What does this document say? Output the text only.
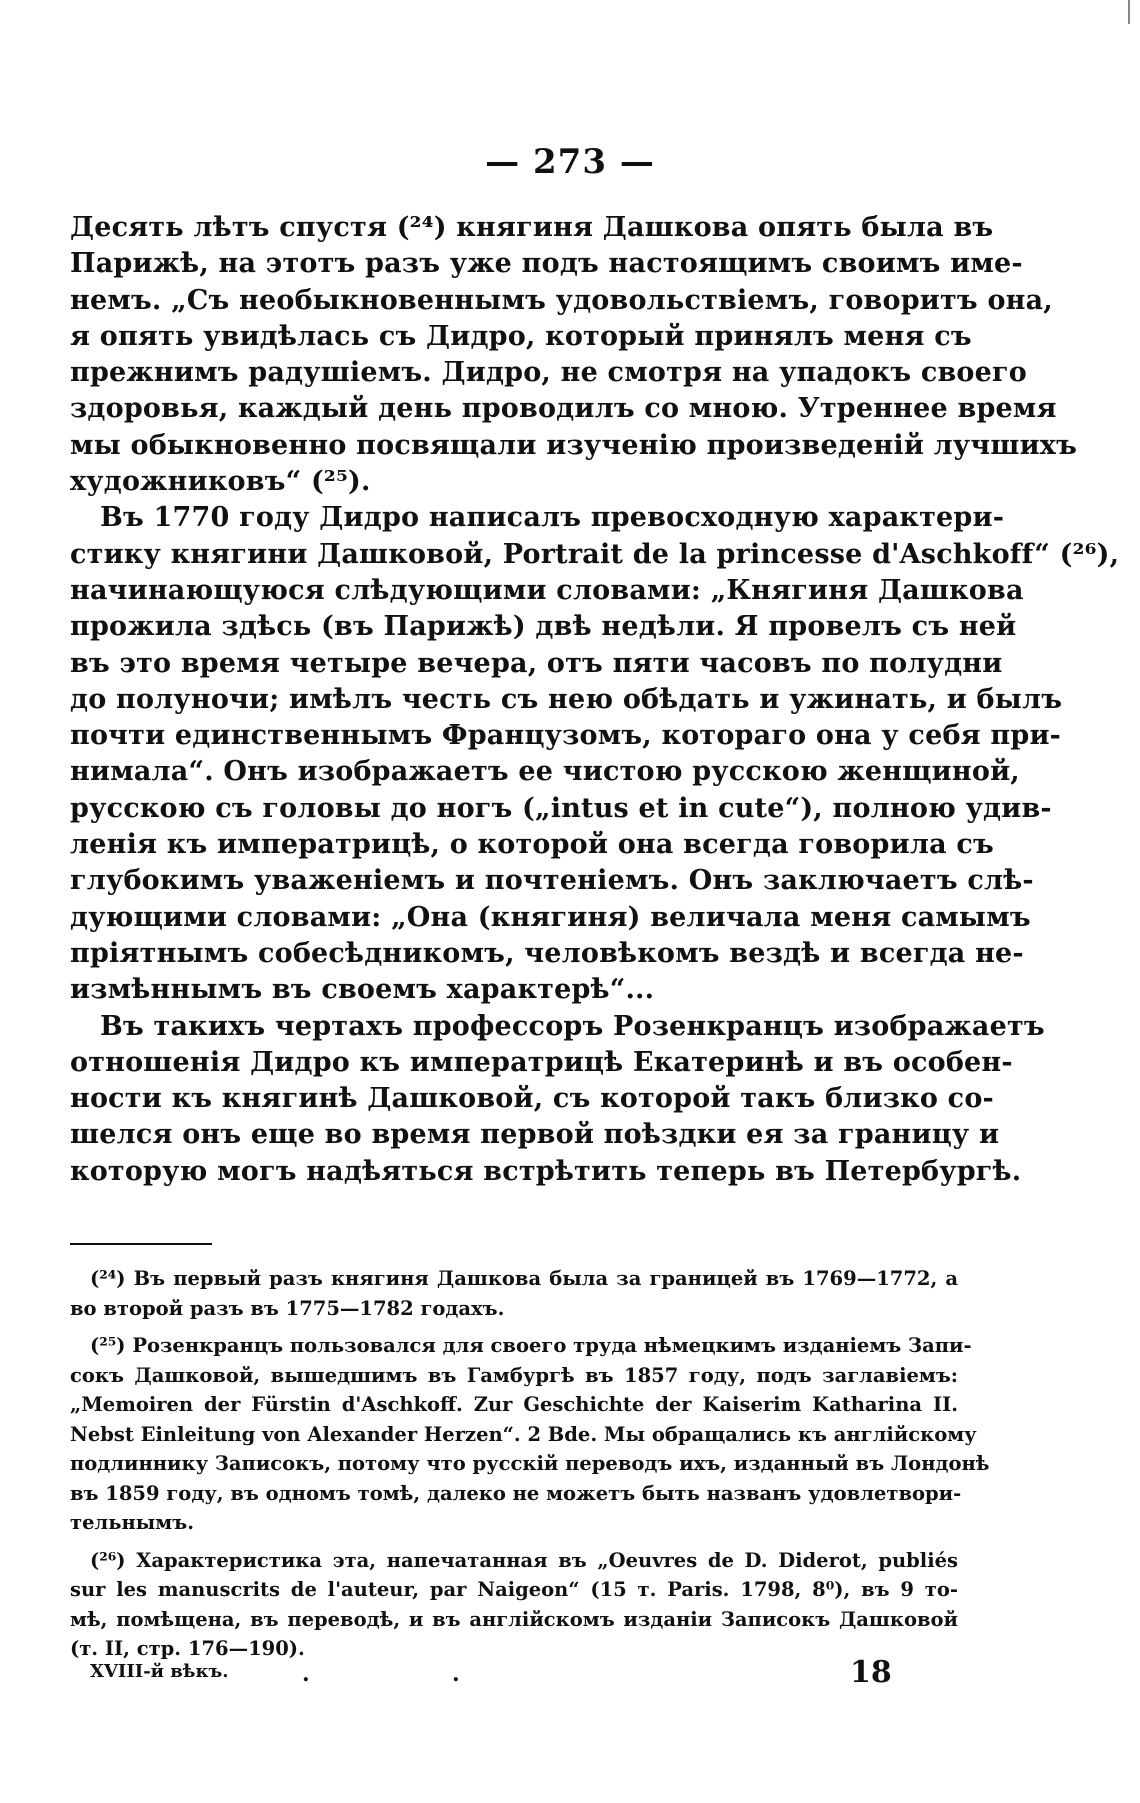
— 273 —
Десять лѣтъ спустя (²⁴) княгиня Дашкова опять была въ
Парижѣ, на этотъ разъ уже подъ настоящимъ своимъ име-
немъ. „Съ необыкновеннымъ удовольствіемъ, говоритъ она,
я опять увидѣлась съ Дидро, который принялъ меня съ
прежнимъ радушіемъ. Дидро, не смотря на упадокъ своего
здоровья, каждый день проводилъ со мною. Утреннее время
мы обыкновенно посвящали изученію произведеній лучшихъ
художниковъ“ (²⁵).
Въ 1770 году Дидро написалъ превосходную характери-
стику княгини Дашковой, Portrait de la princesse d'Aschkoff“ (²⁶),
начинающуюся слѣдующими словами: „Княгиня Дашкова
прожила здѣсь (въ Парижѣ) двѣ недѣли. Я провелъ съ ней
въ это время четыре вечера, отъ пяти часовъ по полудни
до полуночи; имѣлъ честь съ нею обѣдать и ужинать, и былъ
почти единственнымъ Французомъ, котораго она у себя при-
нимала“. Онъ изображаетъ ее чистою русскою женщиной,
русскою съ головы до ногъ („intus et in cute“), полною удив-
ленія къ императрицѣ, о которой она всегда говорила съ
глубокимъ уваженіемъ и почтеніемъ. Онъ заключаетъ слѣ-
дующими словами: „Она (княгиня) величала меня самымъ
пріятнымъ собесѣдникомъ, человѣкомъ вездѣ и всегда не-
измѣннымъ въ своемъ характерѣ“...
Въ такихъ чертахъ профессоръ Розенкранцъ изображаетъ
отношенія Дидро къ императрицѣ Екатеринѣ и въ особен-
ности къ княгинѣ Дашковой, съ которой такъ близко со-
шелся онъ еще во время первой поѣздки ея за границу и
которую могъ надѣяться встрѣтить теперь въ Петербургѣ.
(²⁴) Въ первый разъ княгиня Дашкова была за границей въ 1769—1772, а
во второй разъ въ 1775—1782 годахъ.
(²⁵) Розенкранцъ пользовался для своего труда нѣмецкимъ изданіемъ Запи-
сокъ Дашковой, вышедшимъ въ Гамбургѣ въ 1857 году, подъ заглавіемъ:
„Memoiren der Fürstin d'Aschkoff. Zur Geschichte der Kaiserim Katharina II.
Nebst Einleitung von Alexander Herzen“. 2 Bde. Мы обращались къ англійскому
подлиннику Записокъ, потому что русскій переводъ ихъ, изданный въ Лондонѣ
въ 1859 году, въ одномъ томѣ, далеко не можетъ быть названъ удовлетвори-
тельнымъ.
(²⁶) Характеристика эта, напечатанная въ „Oeuvres de D. Diderot, publiés
sur les manuscrits de l'auteur, par Naigeon“ (15 т. Paris. 1798, 8⁰), въ 9 то-
мѣ, помѣщена, въ переводѣ, и въ англійскомъ изданіи Записокъ Дашковой
(т. II, стр. 176—190).
XVIII-й вѣкъ.	.	.	18
